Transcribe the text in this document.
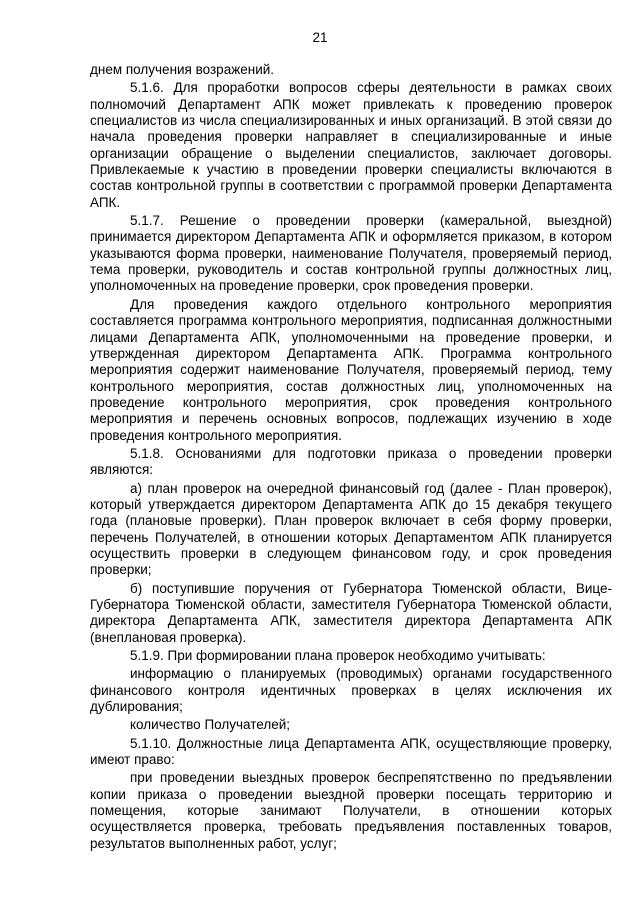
21

днем получения возражений.

5.1.6. Для проработки вопросов сферы деятельности в рамках своих полномочий Департамент АПК может привлекать к проведению проверок специалистов из числа специализированных и иных организаций. В этой связи до начала проведения проверки направляет в специализированные и иные организации обращение о выделении специалистов, заключает договоры. Привлекаемые к участию в проведении проверки специалисты включаются в состав контрольной группы в соответствии с программой проверки Департамента АПК.

5.1.7. Решение о проведении проверки (камеральной, выездной) принимается директором Департамента АПК и оформляется приказом, в котором указываются форма проверки, наименование Получателя, проверяемый период, тема проверки, руководитель и состав контрольной группы должностных лиц, уполномоченных на проведение проверки, срок проведения проверки.

Для проведения каждого отдельного контрольного мероприятия составляется программа контрольного мероприятия, подписанная должностными лицами Департамента АПК, уполномоченными на проведение проверки, и утвержденная директором Департамента АПК. Программа контрольного мероприятия содержит наименование Получателя, проверяемый период, тему контрольного мероприятия, состав должностных лиц, уполномоченных на проведение контрольного мероприятия, срок проведения контрольного мероприятия и перечень основных вопросов, подлежащих изучению в ходе проведения контрольного мероприятия.

5.1.8. Основаниями для подготовки приказа о проведении проверки являются:

а) план проверок на очередной финансовый год (далее - План проверок), который утверждается директором Департамента АПК до 15 декабря текущего года (плановые проверки). План проверок включает в себя форму проверки, перечень Получателей, в отношении которых Департаментом АПК планируется осуществить проверки в следующем финансовом году, и срок проведения проверки;

б) поступившие поручения от Губернатора Тюменской области, Вице-Губернатора Тюменской области, заместителя Губернатора Тюменской области, директора Департамента АПК, заместителя директора Департамента АПК (внеплановая проверка).

5.1.9. При формировании плана проверок необходимо учитывать:

информацию о планируемых (проводимых) органами государственного финансового контроля идентичных проверках в целях исключения их дублирования;

количество Получателей;

5.1.10. Должностные лица Департамента АПК, осуществляющие проверку, имеют право:

при проведении выездных проверок беспрепятственно по предъявлении копии приказа о проведении выездной проверки посещать территорию и помещения, которые занимают Получатели, в отношении которых осуществляется проверка, требовать предъявления поставленных товаров, результатов выполненных работ, услуг;
